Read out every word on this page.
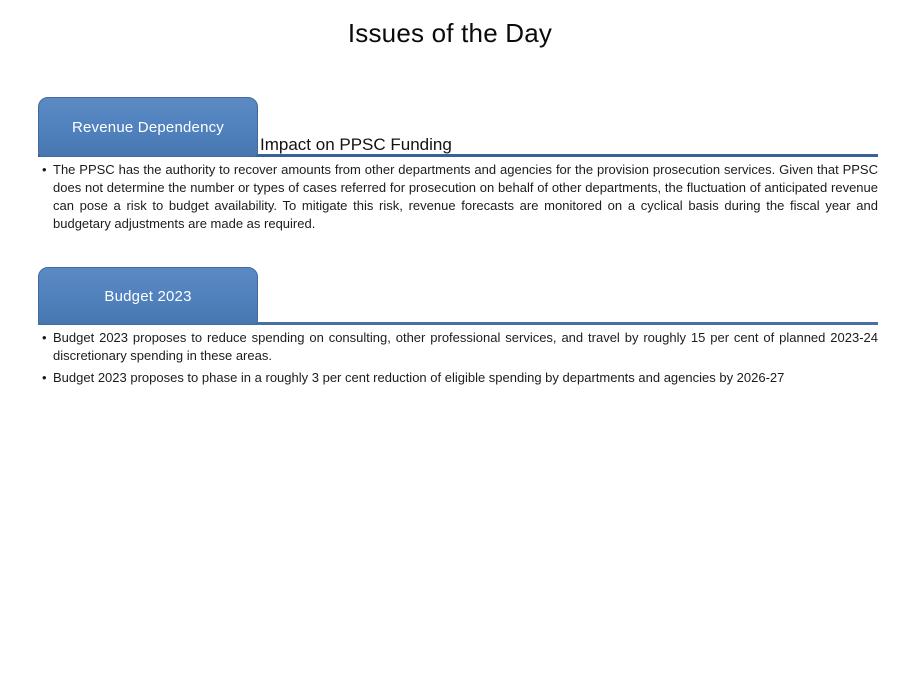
Issues of the Day
Revenue Dependency
Impact on PPSC Funding
• The PPSC has the authority to recover amounts from other departments and agencies for the provision prosecution services. Given that PPSC does not determine the number or types of cases referred for prosecution on behalf of other departments, the fluctuation of anticipated revenue can pose a risk to budget availability. To mitigate this risk, revenue forecasts are monitored on a cyclical basis during the fiscal year and budgetary adjustments are made as required.
Budget 2023
• Budget 2023 proposes to reduce spending on consulting, other professional services, and travel by roughly 15 per cent of planned 2023-24 discretionary spending in these areas.
• Budget 2023 proposes to phase in a roughly 3 per cent reduction of eligible spending by departments and agencies by 2026-27
